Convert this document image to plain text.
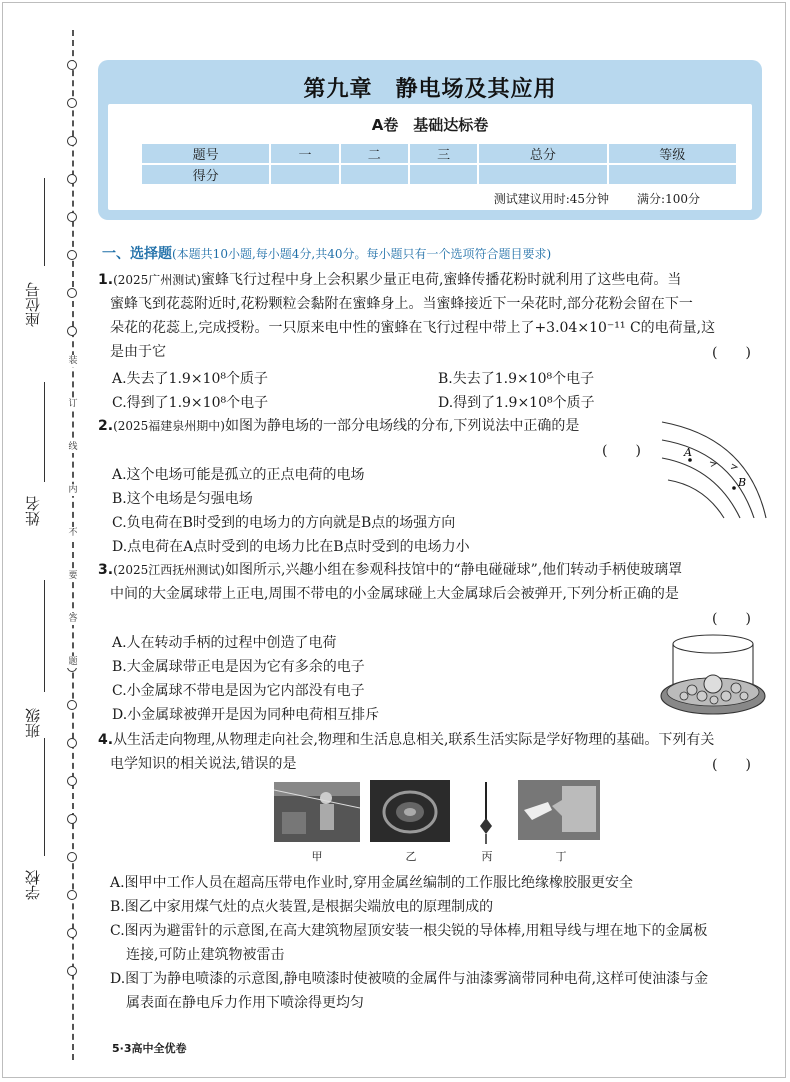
装
订
线
内
不
要
答
题
座位号
姓名
班级
学校
第九章　静电场及其应用
A卷　基础达标卷
题号	一	二	三	总分	等级
得分					
测试建议用时:45分钟 满分:100分
一、选择题(本题共10小题,每小题4分,共40分。每小题只有一个选项符合题目要求)
1.(2025广州测试)蜜蜂飞行过程中身上会积累少量正电荷,蜜蜂传播花粉时就利用了这些电荷。当
蜜蜂飞到花蕊附近时,花粉颗粒会黏附在蜜蜂身上。当蜜蜂接近下一朵花时,部分花粉会留在下一
朵花的花蕊上,完成授粉。一只原来电中性的蜜蜂在飞行过程中带上了+3.04×10⁻¹¹ C的电荷量,这
是由于它	(　　)
A.失去了1.9×10⁸个质子	B.失去了1.9×10⁸个电子
C.得到了1.9×10⁸个电子	D.得到了1.9×10⁸个质子
2.(2025福建泉州期中)如图为静电场的一部分电场线的分布,下列说法中正确的是
(　　)
A.这个电场可能是孤立的正点电荷的电场
B.这个电场是匀强电场
C.负电荷在B时受到的电场力的方向就是B点的场强方向
D.点电荷在A点时受到的电场力比在B点时受到的电场力小
A
B
3.(2025江西抚州测试)如图所示,兴趣小组在参观科技馆中的“静电碰碰球”,他们转动手柄使玻璃罩
中间的大金属球带上正电,周围不带电的小金属球碰上大金属球后会被弹开,下列分析正确的是
(　　)
A.人在转动手柄的过程中创造了电荷
B.大金属球带正电是因为它有多余的电子
C.小金属球不带电是因为它内部没有电子
D.小金属球被弹开是因为同种电荷相互排斥
4.从生活走向物理,从物理走向社会,物理和生活息息相关,联系生活实际是学好物理的基础。下列有关
电学知识的相关说法,错误的是	(　　)
甲	乙	丙	丁
A.图甲中工作人员在超高压带电作业时,穿用金属丝编制的工作服比绝缘橡胶服更安全
B.图乙中家用煤气灶的点火装置,是根据尖端放电的原理制成的
C.图丙为避雷针的示意图,在高大建筑物屋顶安装一根尖锐的导体棒,用粗导线与埋在地下的金属板
连接,可防止建筑物被雷击
D.图丁为静电喷漆的示意图,静电喷漆时使被喷的金属件与油漆雾滴带同种电荷,这样可使油漆与金
属表面在静电斥力作用下喷涂得更均匀
5·3高中全优卷
